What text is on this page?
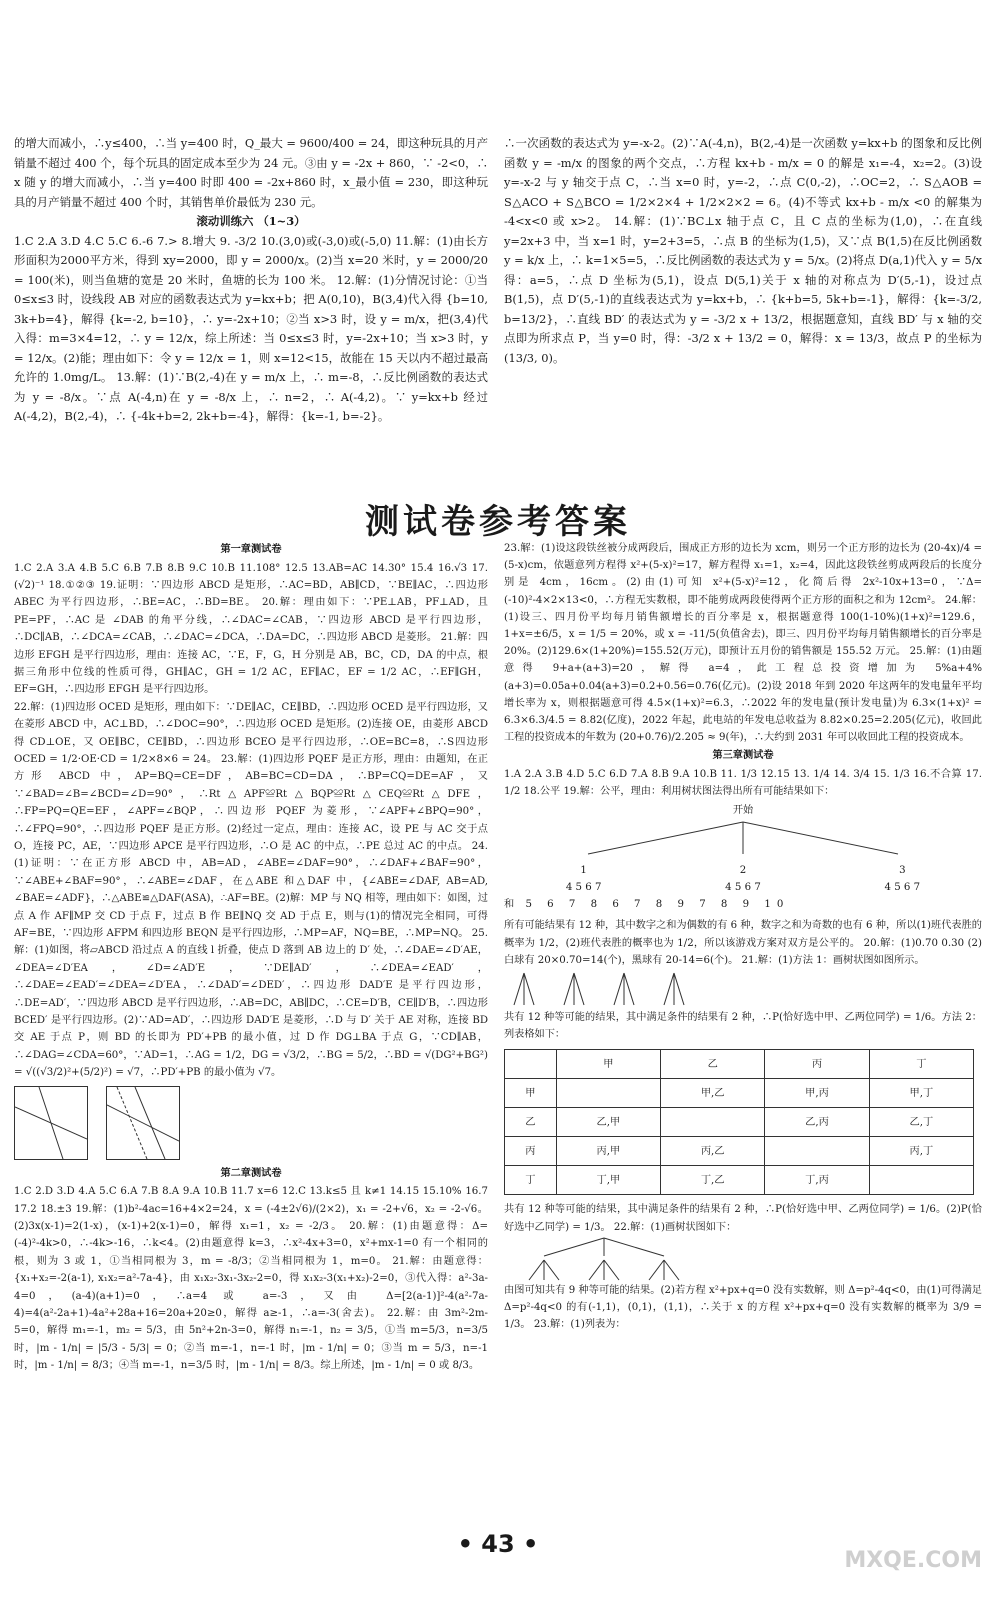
的增大而减小，∴y≤400，∴当 y=400 时，Q_最大 = 9600/400 = 24，即这种玩具的月产销量不超过 400 个，每个玩具的固定成本至少为 24 元。③由 y = -2x + 860，∵ -2<0，∴ x 随 y 的增大而减小，∴当 y=400 时即 400 = -2x+860 时，x_最小值 = 230，即这种玩具的月产销量不超过 400 个时，其销售单价最低为 230 元。

滚动训练六 （1~3）

1.C 2.A 3.D 4.C 5.C 6.-6 7.> 8.增大 9. -3/2 10.(3,0)或(-3,0)或(-5,0) 11.解：(1)由长方形面积为2000平方米，得到 xy=2000，即 y = 2000/x。(2)当 x=20 米时，y = 2000/20 = 100(米)，则当鱼塘的宽是 20 米时，鱼塘的长为 100 米。 12.解：(1)分情况讨论：①当 0≤x≤3 时，设线段 AB 对应的函数表达式为 y=kx+b；把 A(0,10)，B(3,4)代入得 {b=10, 3k+b=4}，解得 {k=-2, b=10}，∴ y=-2x+10；②当 x>3 时，设 y = m/x，把(3,4)代入得：m=3×4=12，∴ y = 12/x，综上所述：当 0≤x≤3 时，y=-2x+10；当 x>3 时，y = 12/x。(2)能；理由如下：令 y = 12/x = 1，则 x=12<15，故能在 15 天以内不超过最高允许的 1.0mg/L。 13.解：(1)∵B(2,-4)在 y = m/x 上，∴ m=-8，∴反比例函数的表达式为 y = -8/x。∵点 A(-4,n)在 y = -8/x 上，∴ n=2，∴ A(-4,2)。∵ y=kx+b 经过 A(-4,2)，B(2,-4)，∴ {-4k+b=2, 2k+b=-4}，解得：{k=-1, b=-2}。

∴一次函数的表达式为 y=-x-2。(2)∵A(-4,n)，B(2,-4)是一次函数 y=kx+b 的图象和反比例函数 y = -m/x 的图象的两个交点，∴方程 kx+b - m/x = 0 的解是 x₁=-4，x₂=2。(3)设 y=-x-2 与 y 轴交于点 C，∴当 x=0 时，y=-2，∴点 C(0,-2)，∴OC=2，∴ S△AOB = S△ACO + S△BCO = 1/2×2×4 + 1/2×2×2 = 6。(4)不等式 kx+b - m/x <0 的解集为 -4<x<0 或 x>2。 14.解：(1)∵BC⊥x 轴于点 C，且 C 点的坐标为(1,0)，∴在直线 y=2x+3 中，当 x=1 时，y=2+3=5，∴点 B 的坐标为(1,5)，又∵点 B(1,5)在反比例函数 y = k/x 上，∴ k=1×5=5，∴反比例函数的表达式为 y = 5/x。(2)将点 D(a,1)代入 y = 5/x 得：a=5，∴点 D 坐标为(5,1)，设点 D(5,1)关于 x 轴的对称点为 D′(5,-1)，设过点 B(1,5)，点 D′(5,-1)的直线表达式为 y=kx+b，∴ {k+b=5, 5k+b=-1}，解得：{k=-3/2, b=13/2}，∴直线 BD′ 的表达式为 y = -3/2 x + 13/2，根据题意知，直线 BD′ 与 x 轴的交点即为所求点 P，当 y=0 时，得：-3/2 x + 13/2 = 0，解得：x = 13/3，故点 P 的坐标为 (13/3, 0)。

测试卷参考答案
第一章测试卷

1.C 2.A 3.A 4.B 5.C 6.B 7.B 8.B 9.C 10.B 11.108° 12.5 13.AB=AC 14.30° 15.4 16.√3 17.(√2)⁻¹ 18.①②③ 19.证明：∵四边形 ABCD 是矩形，∴AC=BD，AB∥CD，∵BE∥AC，∴四边形 ABEC 为平行四边形，∴BE=AC，∴BD=BE。 20.解：理由如下：∵PE⊥AB，PF⊥AD，且 PE=PF，∴AC 是 ∠DAB 的角平分线，∴∠DAC=∠CAB，∵四边形 ABCD 是平行四边形，∴DC∥AB，∴∠DCA=∠CAB，∴∠DAC=∠DCA，∴DA=DC，∴四边形 ABCD 是菱形。 21.解：四边形 EFGH 是平行四边形，理由：连接 AC，∵E，F，G，H 分别是 AB，BC，CD，DA 的中点，根据三角形中位线的性质可得，GH∥AC，GH = 1/2 AC，EF∥AC，EF = 1/2 AC，∴EF∥GH，EF=GH，∴四边形 EFGH 是平行四边形。

22.解：(1)四边形 OCED 是矩形，理由如下：∵DE∥AC，CE∥BD，∴四边形 OCED 是平行四边形，又在菱形 ABCD 中，AC⊥BD，∴∠DOC=90°，∴四边形 OCED 是矩形。(2)连接 OE，由菱形 ABCD 得 CD⊥OE，又 OE∥BC，CE∥BD，∴四边形 BCEO 是平行四边形，∴OE=BC=8，∴S四边形OCED = 1/2·OE·CD = 1/2×8×6 = 24。 23.解：(1)四边形 PQEF 是正方形，理由：由题知，在正方形 ABCD 中，AP=BQ=CE=DF，AB=BC=CD=DA，∴BP=CQ=DE=AF，又∵∠BAD=∠B=∠BCD=∠D=90°，∴Rt△APF≌Rt△BQP≌Rt△CEQ≌Rt△DFE，∴FP=PQ=QE=EF，∠APF=∠BQP，∴四边形 PQEF 为菱形，∵∠APF+∠BPQ=90°，∴∠FPQ=90°，∴四边形 PQEF 是正方形。(2)经过一定点，理由：连接 AC，设 PE 与 AC 交于点 O，连接 PC，AE，∵四边形 APCE 是平行四边形，∴O 是 AC 的中点，∴PE 总过 AC 的中点。 24.(1)证明：∵在正方形 ABCD 中，AB=AD，∠ABE=∠DAF=90°，∴∠DAF+∠BAF=90°，∵∠ABE+∠BAF=90°，∴∠ABE=∠DAF，在△ABE 和△DAF 中，{∠ABE=∠DAF, AB=AD, ∠BAE=∠ADF}，∴△ABE≌△DAF(ASA)，∴AF=BE。(2)解：MP 与 NQ 相等，理由如下：如图，过点 A 作 AF∥MP 交 CD 于点 F，过点 B 作 BE∥NQ 交 AD 于点 E，则与(1)的情况完全相同，可得 AF=BE，∵四边形 AFPM 和四边形 BEQN 是平行四边形，∴MP=AF，NQ=BE，∴MP=NQ。 25.解：(1)如图，将▱ABCD 沿过点 A 的直线 l 折叠，使点 D 落到 AB 边上的 D′ 处，∴∠DAE=∠D′AE，∠DEA=∠D′EA，∠D=∠AD′E，∵DE∥AD′，∴∠DEA=∠EAD′，∴∠DAE=∠EAD′=∠DEA=∠D′EA，∴∠DAD′=∠DED′，∴四边形 DAD′E 是平行四边形，∴DE=AD′，∵四边形 ABCD 是平行四边形，∴AB=DC，AB∥DC，∴CE=D′B，CE∥D′B，∴四边形 BCED′ 是平行四边形。(2)∵AD=AD′，∴四边形 DAD′E 是菱形，∴D 与 D′ 关于 AE 对称，连接 BD 交 AE 于点 P，则 BD 的长即为 PD′+PB 的最小值，过 D 作 DG⊥BA 于点 G，∵CD∥AB，∴∠DAG=∠CDA=60°，∵AD=1，∴AG = 1/2，DG = √3/2，∴BG = 5/2，∴BD = √(DG²+BG²) = √((√3/2)²+(5/2)²) = √7，∴PD′+PB 的最小值为 √7。

第二章测试卷

1.C 2.D 3.D 4.A 5.C 6.A 7.B 8.A 9.A 10.B 11.7 x=6 12.C 13.k≤5 且 k≠1 14.15 15.10% 16.7 17.2 18.±3 19.解：(1)b²-4ac=16+4×2=24，x = (-4±2√6)/(2×2)，x₁ = -2+√6，x₂ = -2-√6。(2)3x(x-1)=2(1-x)，(x-1)+2(x-1)=0，解得 x₁=1，x₂ = -2/3。 20.解：(1)由题意得：Δ=(-4)²-4k>0，∴-4k>-16，∴k<4。(2)由题意得 k=3，∴x²-4x+3=0，x²+mx-1=0 有一个相同的根，则为 3 或 1，①当相同根为 3，m = -8/3；②当相同根为 1，m=0。 21.解：由题意得：{x₁+x₂=-2(a-1), x₁x₂=a²-7a-4}，由 x₁x₂-3x₁-3x₂-2=0，得 x₁x₂-3(x₁+x₂)-2=0，③代入得：a²-3a-4=0，(a-4)(a+1)=0，∴a=4 或 a=-3，又由 Δ=[2(a-1)]²-4(a²-7a-4)=4(a²-2a+1)-4a²+28a+16=20a+20≥0，解得 a≥-1，∴a=-3(舍去)。 22.解：由 3m²-2m-5=0，解得 m₁=-1，m₂ = 5/3，由 5n²+2n-3=0，解得 n₁=-1，n₂ = 3/5，①当 m=5/3，n=3/5 时，|m - 1/n| = |5/3 - 5/3| = 0；②当 m=-1，n=-1 时，|m - 1/n| = 0；③当 m = 5/3，n=-1 时，|m - 1/n| = 8/3；④当 m=-1，n=3/5 时，|m - 1/n| = 8/3。综上所述，|m - 1/n| = 0 或 8/3。

23.解：(1)设这段铁丝被分成两段后，围成正方形的边长为 xcm，则另一个正方形的边长为 (20-4x)/4 = (5-x)cm，依题意列方程得 x²+(5-x)²=17，解方程得 x₁=1，x₂=4，因此这段铁丝剪成两段后的长度分别是 4cm，16cm。(2)由(1)可知 x²+(5-x)²=12，化简后得 2x²-10x+13=0，∵Δ=(-10)²-4×2×13<0，∴方程无实数根，即不能剪成两段使得两个正方形的面积之和为 12cm²。 24.解：(1)设三、四月份平均每月销售额增长的百分率是 x，根据题意得 100(1-10%)(1+x)²=129.6，1+x=±6/5，x = 1/5 = 20%，或 x = -11/5(负值舍去)，即三、四月份平均每月销售额增长的百分率是 20%。(2)129.6×(1+20%)=155.52(万元)，即预计五月份的销售额是 155.52 万元。 25.解：(1)由题意得 9+a+(a+3)=20，解得 a=4，此工程总投资增加为 5%a+4%(a+3)=0.05a+0.04(a+3)=0.2+0.56=0.76(亿元)。(2)设 2018 年到 2020 年这两年的发电量年平均增长率为 x，则根据题意可得 4.5×(1+x)²=6.3，∴2022 年的发电量(预计发电量)为 6.3×(1+x)² = 6.3×6.3/4.5 = 8.82(亿度)，2022 年起，此电站的年发电总收益为 8.82×0.25=2.205(亿元)，收回此工程的投资成本的年数为 (20+0.76)/2.205 ≈ 9(年)，∴大约到 2031 年可以收回此工程的投资成本。

第三章测试卷

1.A 2.A 3.B 4.D 5.C 6.D 7.A 8.B 9.A 10.B 11. 1/3 12.15 13. 1/4 14. 3/4 15. 1/3 16.不合算 17. 1/2 18.公平 19.解：公平，理由：利用树状图法得出所有可能结果如下：

开始
1	2	3
4 5 6 7	4 5 6 7	4 5 6 7
和 5 6 7 8 6 7 8 9 7 8 9 10

所有可能结果有 12 种，其中数字之和为偶数的有 6 种，数字之和为奇数的也有 6 种，所以(1)班代表胜的概率为 1/2，(2)班代表胜的概率也为 1/2，所以该游戏方案对双方是公平的。 20.解：(1)0.70 0.30 (2)白球有 20×0.70=14(个)，黑球有 20-14=6(个)。 21.解：(1)方法 1：画树状图如图所示。

共有 12 种等可能的结果，其中满足条件的结果有 2 种，∴P(恰好选中甲、乙两位同学) = 1/6。方法 2：列表格如下：

	甲	乙	丙	丁
甲		甲,乙	甲,丙	甲,丁
乙	乙,甲		乙,丙	乙,丁
丙	丙,甲	丙,乙		丙,丁
丁	丁,甲	丁,乙	丁,丙	

共有 12 种等可能的结果，其中满足条件的结果有 2 种，∴P(恰好选中甲、乙两位同学) = 1/6。(2)P(恰好选中乙同学) = 1/3。 22.解：(1)画树状图如下：

由图可知共有 9 种等可能的结果。(2)若方程 x²+px+q=0 没有实数解，则 Δ=p²-4q<0，由(1)可得满足 Δ=p²-4q<0 的有(-1,1)，(0,1)，(1,1)，∴关于 x 的方程 x²+px+q=0 没有实数解的概率为 3/9 = 1/3。 23.解：(1)列表为：

• 43 •
MXQE.COM
